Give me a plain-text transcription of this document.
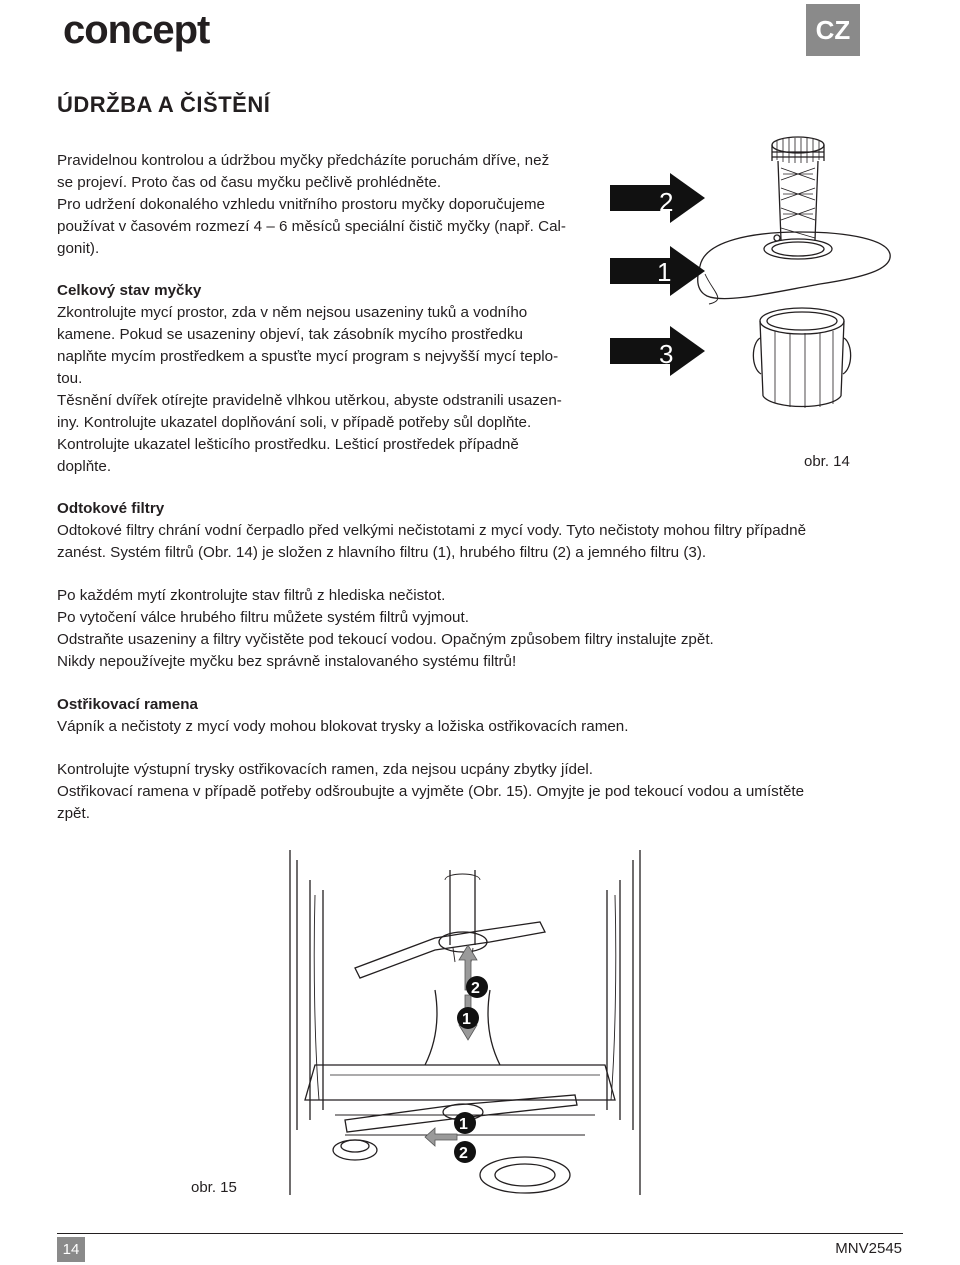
concept	CZ
ÚDRŽBA A ČIŠTĚNÍ

Pravidelnou kontrolou a údržbou myčky předcházíte poruchám dříve, než

se projeví. Proto čas od času myčku pečlivě prohlédněte.

Pro udržení dokonalého vzhledu vnitřního prostoru myčky doporučujeme

používat v časovém rozmezí 4 – 6 měsíců speciální čistič myčky (např. Cal-

gonit).

Celkový stav myčky

Zkontrolujte mycí prostor, zda v něm nejsou usazeniny tuků a vodního

kamene. Pokud se usazeniny objeví, tak zásobník mycího prostředku

naplňte mycím prostředkem a spusťte mycí program s nejvyšší mycí teplo-

tou.

Těsnění dvířek otírejte pravidelně vlhkou utěrkou, abyste odstranili usazen-

iny. Kontrolujte ukazatel doplňování soli, v případě potřeby sůl doplňte.

Kontrolujte ukazatel lešticího prostředku. Lešticí prostředek případně

doplňte.

2
1
3
obr. 14

Odtokové filtry

Odtokové filtry chrání vodní čerpadlo před velkými nečistotami z mycí vody. Tyto nečistoty mohou filtry případně

zanést. Systém filtrů (Obr. 14) je složen z hlavního filtru (1), hrubého filtru (2) a jemného filtru (3).

Po každém mytí zkontrolujte stav filtrů z hlediska nečistot.

Po vytočení válce hrubého filtru můžete systém filtrů vyjmout.

Odstraňte usazeniny a filtry vyčistěte pod tekoucí vodou. Opačným způsobem filtry instalujte zpět.

Nikdy nepoužívejte myčku bez správně instalovaného systému filtrů!

Ostřikovací ramena

Vápník a nečistoty z mycí vody mohou blokovat trysky a ložiska ostřikovacích ramen.

Kontrolujte výstupní trysky ostřikovacích ramen, zda nejsou ucpány zbytky jídel.

Ostřikovací ramena v případě potřeby odšroubujte a vyjměte (Obr. 15). Omyjte je pod tekoucí vodou a umístěte

zpět.

2
1
1
2
obr. 15
14	MNV2545
